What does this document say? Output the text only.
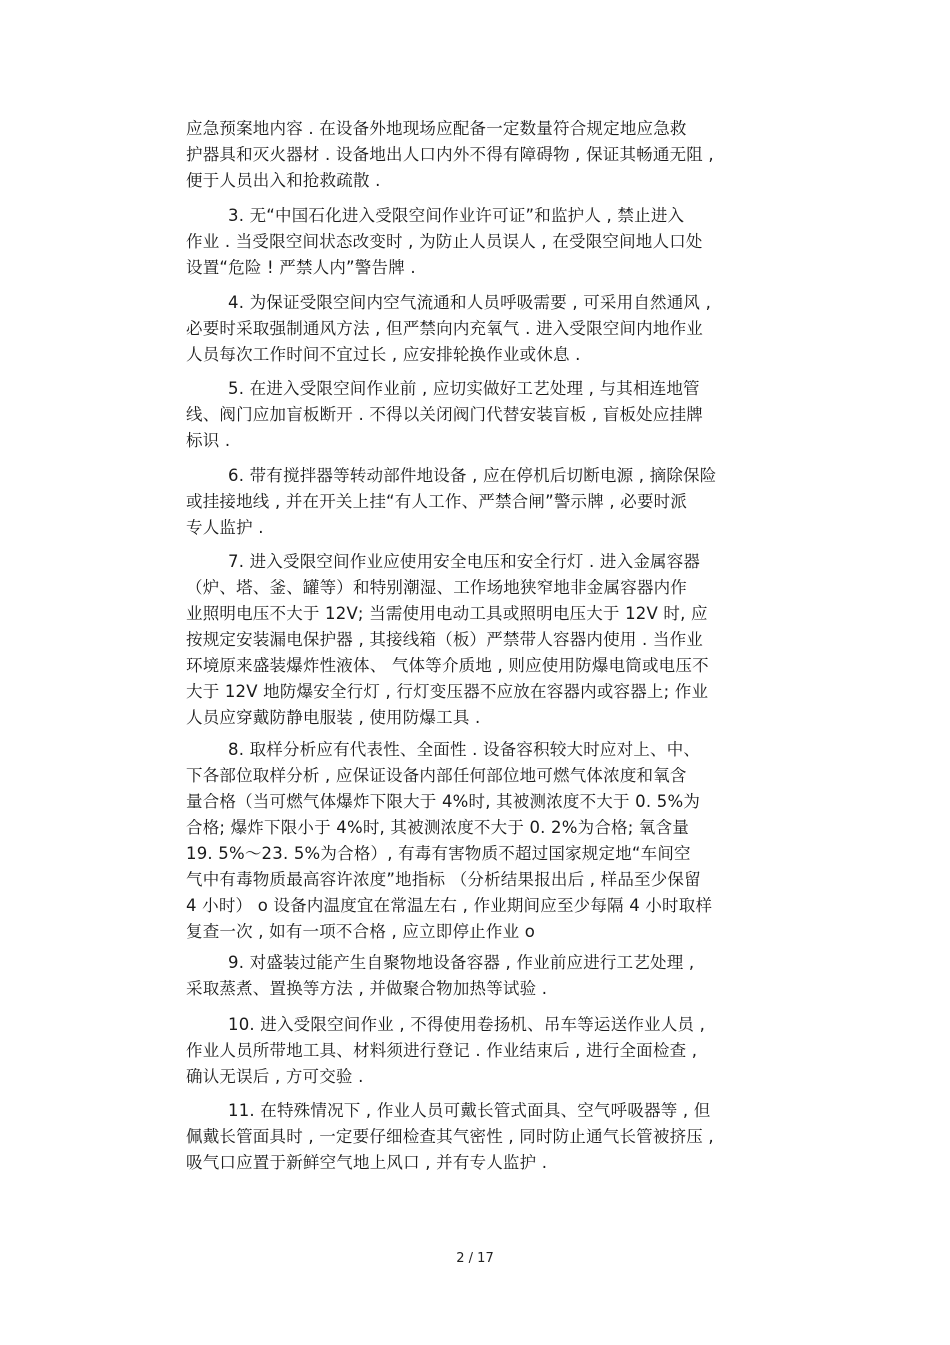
应急预案地内容 . 在设备外地现场应配备一定数量符合规定地应急救
护器具和灭火器材 . 设备地出人口内外不得有障碍物 , 保证其畅通无阻 ,
便于人员出入和抢救疏散 .
3. 无“中国石化进入受限空间作业许可证”和监护人 , 禁止进入
作业 . 当受限空间状态改变时 , 为防止人员误人 , 在受限空间地人口处
设置“危险 ! 严禁人内”警告牌 .
4. 为保证受限空间内空气流通和人员呼吸需要 , 可采用自然通风 ,
必要时采取强制通风方法 , 但严禁向内充氧气 . 进入受限空间内地作业
人员每次工作时间不宜过长 , 应安排轮换作业或休息 .
5. 在进入受限空间作业前 , 应切实做好工艺处理 , 与其相连地管
线、阀门应加盲板断开 . 不得以关闭阀门代替安装盲板 , 盲板处应挂牌
标识 .
6. 带有搅拌器等转动部件地设备 , 应在停机后切断电源 , 摘除保险
或挂接地线 , 并在开关上挂“有人工作、严禁合闸”警示牌 , 必要时派
专人监护 .
7. 进入受限空间作业应使用安全电压和安全行灯 . 进入金属容器
（炉、塔、釜、罐等）和特别潮湿、工作场地狭窄地非金属容器内作
业照明电压不大于 12V; 当需使用电动工具或照明电压大于 12V 时, 应
按规定安装漏电保护器 , 其接线箱（板）严禁带人容器内使用 . 当作业
环境原来盛装爆炸性液体、 气体等介质地 , 则应使用防爆电筒或电压不
大于 12V 地防爆安全行灯 , 行灯变压器不应放在容器内或容器上; 作业
人员应穿戴防静电服装 , 使用防爆工具 .
8. 取样分析应有代表性、全面性 . 设备容积较大时应对上、中、
下各部位取样分析 , 应保证设备内部任何部位地可燃气体浓度和氧含
量合格（当可燃气体爆炸下限大于 4%时, 其被测浓度不大于 0. 5%为
合格; 爆炸下限小于 4%时, 其被测浓度不大于 0. 2%为合格; 氧含量
19. 5%～23. 5%为合格）, 有毒有害物质不超过国家规定地“车间空
气中有毒物质最高容许浓度”地指标 （分析结果报出后 , 样品至少保留
4 小时） o 设备内温度宜在常温左右 , 作业期间应至少每隔 4 小时取样
复查一次 , 如有一项不合格 , 应立即停止作业 o
9. 对盛装过能产生自聚物地设备容器 , 作业前应进行工艺处理 ,
采取蒸煮、置换等方法 , 并做聚合物加热等试验 .
10. 进入受限空间作业 , 不得使用卷扬机、吊车等运送作业人员 ,
作业人员所带地工具、材料须进行登记 . 作业结束后 , 进行全面检查 ,
确认无误后 , 方可交验 .
11. 在特殊情况下 , 作业人员可戴长管式面具、空气呼吸器等 , 但
佩戴长管面具时 , 一定要仔细检查其气密性 , 同时防止通气长管被挤压 ,
吸气口应置于新鲜空气地上风口 , 并有专人监护 .
2 / 17
